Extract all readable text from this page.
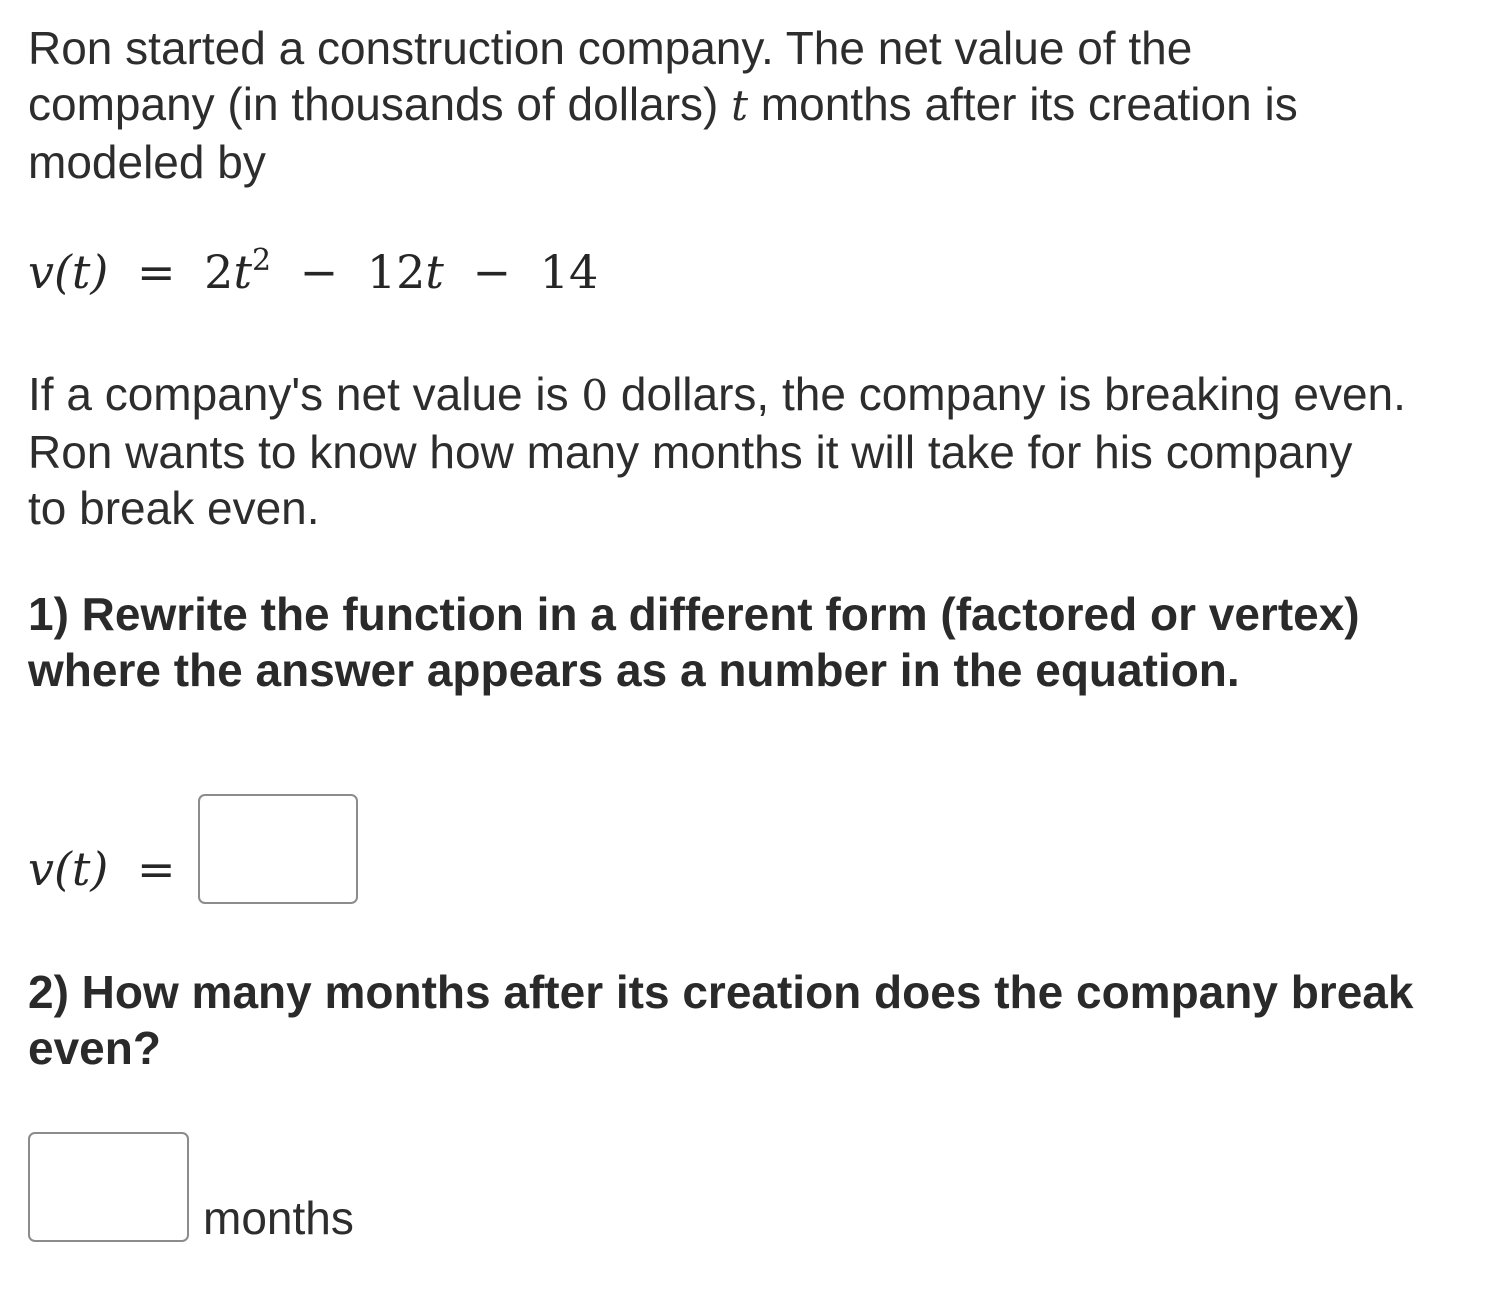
Ron started a construction company. The net value of the
company (in thousands of dollars) t months after its creation is
modeled by

$v(t) = 2t^2 - 12t - 14$

If a company's net value is 0 dollars, the company is breaking even.
Ron wants to know how many months it will take for his company
to break even.

1) Rewrite the function in a different form (factored or vertex)
where the answer appears as a number in the equation.

v(t) =

2) How many months after its creation does the company break
even?

months
